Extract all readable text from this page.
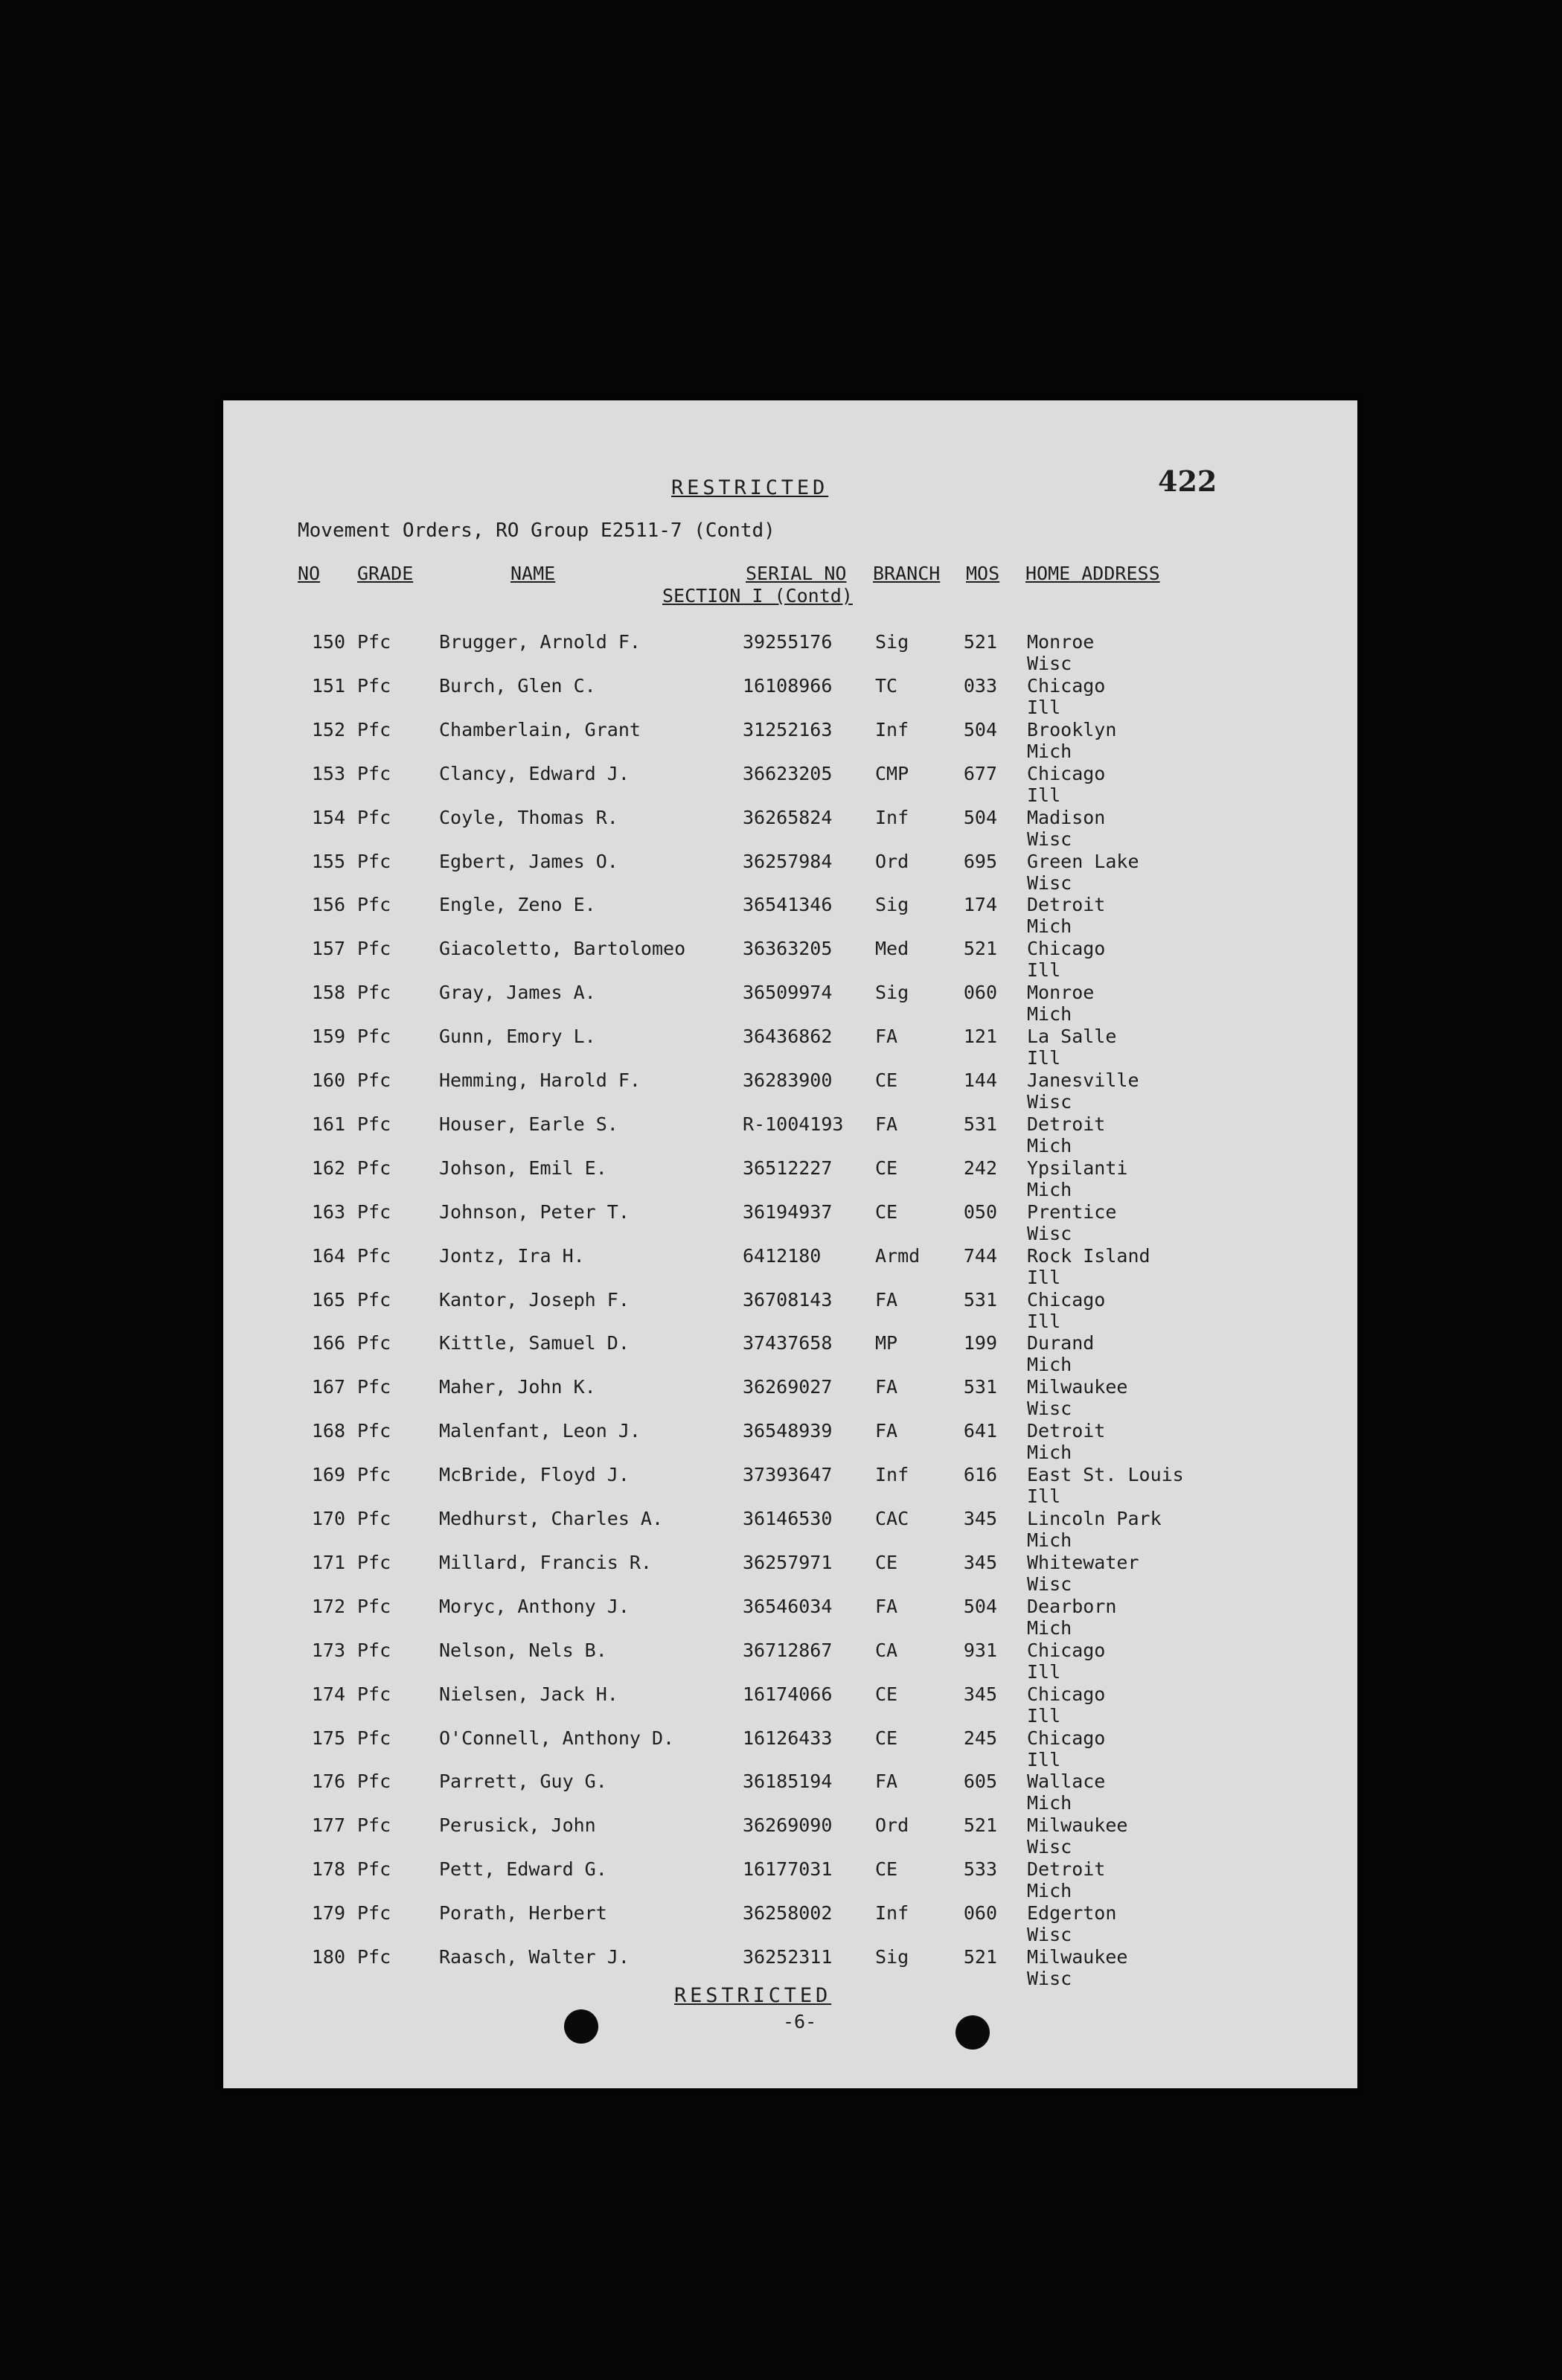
RESTRICTED	422
Movement Orders, RO Group E2511-7 (Contd)
NO GRADE	NAME	SERIAL NO BRANCH MOS HOME ADDRESS
SECTION I (Contd)
150 Pfc	Brugger, Arnold F.	39255176 Sig	521 Monroe
Wisc
151 Pfc	Burch, Glen C.	16108966 TC	033 Chicago
Ill
152 Pfc	Chamberlain, Grant	31252163 Inf	504 Brooklyn
Mich
153 Pfc	Clancy, Edward J.	36623205 CMP	677 Chicago
Ill
154 Pfc	Coyle, Thomas R.	36265824 Inf	504 Madison
Wisc
155 Pfc	Egbert, James O.	36257984 Ord	695 Green Lake
Wisc
156 Pfc	Engle, Zeno E.	36541346 Sig	174 Detroit
Mich
157 Pfc	Giacoletto, Bartolomeo	36363205 Med	521 Chicago
Ill
158 Pfc	Gray, James A.	36509974 Sig	060 Monroe
Mich
159 Pfc	Gunn, Emory L.	36436862 FA	121 La Salle
Ill
160 Pfc	Hemming, Harold F.	36283900 CE	144 Janesville
Wisc
161 Pfc	Houser, Earle S.	R-1004193 FA	531 Detroit
Mich
162 Pfc	Johson, Emil E.	36512227 CE	242 Ypsilanti
Mich
163 Pfc	Johnson, Peter T.	36194937 CE	050 Prentice
Wisc
164 Pfc	Jontz, Ira H.	6412180	Armd	744 Rock Island
Ill
165 Pfc	Kantor, Joseph F.	36708143 FA	531 Chicago
Ill
166 Pfc	Kittle, Samuel D.	37437658 MP	199 Durand
Mich
167 Pfc	Maher, John K.	36269027 FA	531 Milwaukee
Wisc
168 Pfc	Malenfant, Leon J.	36548939 FA	641 Detroit
Mich
169 Pfc	McBride, Floyd J.	37393647 Inf	616 East St. Louis
Ill
170 Pfc	Medhurst, Charles A.	36146530 CAC	345 Lincoln Park
Mich
171 Pfc	Millard, Francis R.	36257971 CE	345 Whitewater
Wisc
172 Pfc	Moryc, Anthony J.	36546034 FA	504 Dearborn
Mich
173 Pfc	Nelson, Nels B.	36712867 CA	931 Chicago
Ill
174 Pfc	Nielsen, Jack H.	16174066 CE	345 Chicago
Ill
175 Pfc	O'Connell, Anthony D.	16126433 CE	245 Chicago
Ill
176 Pfc	Parrett, Guy G.	36185194 FA	605 Wallace
Mich
177 Pfc	Perusick, John	36269090 Ord	521 Milwaukee
Wisc
178 Pfc	Pett, Edward G.	16177031 CE	533 Detroit
Mich
179 Pfc	Porath, Herbert	36258002 Inf	060 Edgerton
Wisc
180 Pfc	Raasch, Walter J.	36252311 Sig	521 Milwaukee
Wisc
RESTRICTED
-6-
